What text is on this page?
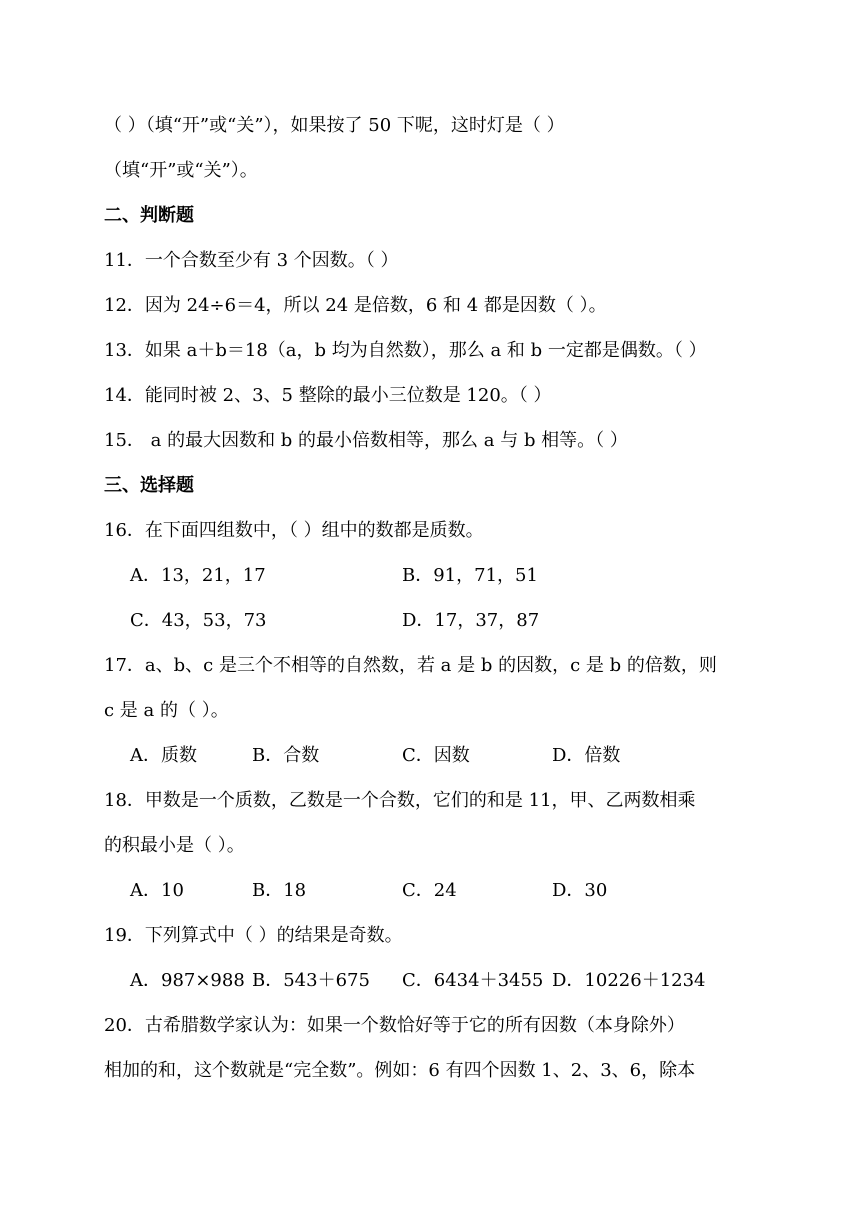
（ ）（填“开”或“关”），如果按了 50 下呢，这时灯是（ ）
（填“开”或“关”）。
二、判断题
11．一个合数至少有 3 个因数。（ ）
12．因为 24÷6＝4，所以 24 是倍数，6 和 4 都是因数（ ）。
13．如果 a＋b＝18（a，b 均为自然数），那么 a 和 b 一定都是偶数。（ ）
14．能同时被 2、3、5 整除的最小三位数是 120。（ ）
15． a 的最大因数和 b 的最小倍数相等，那么 a 与 b 相等。（ ）
三、选择题
16．在下面四组数中，（ ）组中的数都是质数。
A．13，21，17	B．91，71，51
C．43，53，73	D．17，37，87
17．a、b、c 是三个不相等的自然数，若 a 是 b 的因数，c 是 b 的倍数，则
c 是 a 的（ ）。
A．质数	B．合数	C．因数	D．倍数
18．甲数是一个质数，乙数是一个合数，它们的和是 11，甲、乙两数相乘
的积最小是（ ）。
A．10	B．18	C．24	D．30
19．下列算式中（ ）的结果是奇数。
A．987×988 B．543＋675 C．6434＋3455 D．10226＋1234
20．古希腊数学家认为：如果一个数恰好等于它的所有因数（本身除外）
相加的和，这个数就是“完全数”。例如：6 有四个因数 1、2、3、6，除本
